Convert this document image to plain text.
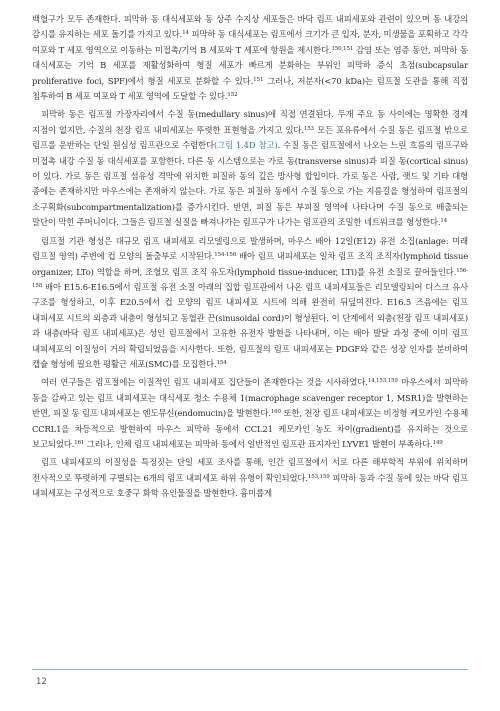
백혈구가 모두 존재한다. 피막하 동 대식세포와 동 상주 수지상 세포들은 바닥 림프 내피세포와 관련이 있으며 동 내강의 감시를 유지하는 세포 돌기를 가지고 있다.$^{14}$ 피막하 동 대식세포는 림프에서 크기가 큰 입자, 분자, 미생물을 포획하고 각각 여포와 T 세포 영역으로 이동하는 미접촉/기억 B 세포와 T 세포에 항원을 제시한다.$^{150,151}$ 감염 또는 염증 동안, 피막하 동 대식세포는 기억 B 세포를 재활성화하여 형질 세포가 빠르게 분화하는 부위인 피막하 증식 초점(subcapsular proliferative foci, SPF)에서 형질 세포로 분화할 수 있다.$^{151}$ 그러나, 저분자(<70 kDa)는 림프절 도관을 통해 직접 침투하여 B 세포 여포와 T 세포 영역에 도달할 수 있다.$^{152}$

피막하 동은 림프절 가장자리에서 수질 동(medullary sinus)에 직접 연결된다. 두개 주요 동 사이에는 명확한 경계 지점이 없지만, 수질의 천장 림프 내피세포는 뚜렷한 표현형을 가지고 있다.$^{153}$ 모든 포유류에서 수질 동은 림프절 밖으로 림프를 운반하는 단일 원심성 림프관으로 수렴한다(그림 1.4D 참고). 수질 동은 림프절에서 나오는 느린 흐름의 림프구와 미접촉 내강 수질 동 대식세포를 포함한다. 다른 동 시스템으로는 가로 동(transverse sinus)과 피질 동(cortical sinus)이 있다. 가로 동은 림프절 섬유성 격막에 위치한 피질하 동의 깊은 방사형 합입이다. 가로 동은 사람, 랫드 및 기타 대형 종에는 존재하지만 마우스에는 존재하지 않는다. 가로 동은 피질하 동에서 수질 동으로 가는 지름길을 형성하여 림프절의 소구획화(subcompartmentalization)를 증가시킨다. 반면, 피질 동은 부피질 영역에 나타나며 수질 동으로 배출되는 말단이 막힌 주머니이다. 그들은 림프절 실질을 빠져나가는 림프구가 나가는 림프관의 조밀한 네트워크를 형성한다.$^{14}$

림프절 기관 형성은 대규모 림프 내피세포 리모델링으로 발생하며, 마우스 배아 12일(E12) 유전 소집(anlage: 미래 림프절 영역) 주변에 컵 모양의 돌출부로 시작된다.$^{154-156}$ 배아 림프 내피세포는 일차 림프 조직 조직자(lymphoid tissue organizer, LTo) 역할을 하며, 조혈모 림프 조직 유도자(lymphoid tissue-inducer, LTi)를 유전 소질로 끌어들인다.$^{156-158}$ 배아 E15.6-E16.5에서 림프절 유전 소질 아래의 집합 림프관에서 나온 림프 내피세포들은 리모델링되어 디스크 유사 구조를 형성하고, 이후 E20.5에서 컵 모양의 림프 내피세포 시트에 의해 완전히 뒤덮여진다. E16.5 즈음에는 림프 내피세포 시트의 외층과 내층이 형성되고 동혈관 끈(sinusoidal cord)이 형성된다. 이 단계에서 외층(천장 림프 내피세포)과 내층(바닥 림프 내피세포)은 성인 림프절에서 고유한 유전자 발현을 나타내며, 이는 배아 발달 과정 중에 이미 림프 내피세포의 이질성이 거의 확립되었음을 시사한다. 또한, 림프절의 림프 내피세포는 PDGF와 같은 성장 인자를 분비하여 캡슐 형성에 필요한 평활근 세포(SMC)를 모집한다.$^{154}$

여러 연구들은 림프절에는 이질적인 림프 내피세포 집단들이 존재한다는 것을 시사하였다.$^{14,153,159}$ 마우스에서 피막하 동을 감싸고 있는 림프 내피세포는 대식세포 청소 수용체 1(macrophage scavenger receptor 1, MSR1)을 발현하는 반면, 피질 동 림프 내피세포는 엔도뮤신(endomucin)을 발현한다.$^{160}$ 또한, 천장 림프 내피세포는 비정형 케모카인 수용체 CCRL1을 차등적으로 발현하여 마우스 피막하 동에서 CCL21 케모카인 농도 차이(gradient)를 유지하는 것으로 보고되었다.$^{161}$ 그러나, 인체 림프 내피세포는 피막하 동에서 일반적인 림프관 표지자인 LYVE1 발현이 부족하다.$^{149}$

림프 내피세포의 이질성을 특징짓는 단일 세포 조사를 통해, 인간 림프절에서 서로 다른 해부학적 부위에 위치하며 전사적으로 뚜렷하게 구별되는 6개의 림프 내피세포 하위 유형이 확인되었다.$^{153,159}$ 피막하 동과 수질 동에 있는 바닥 림프 내피세포는 구성적으로 호중구 화학 유인물질을 발현한다. 흉미롭게

12
